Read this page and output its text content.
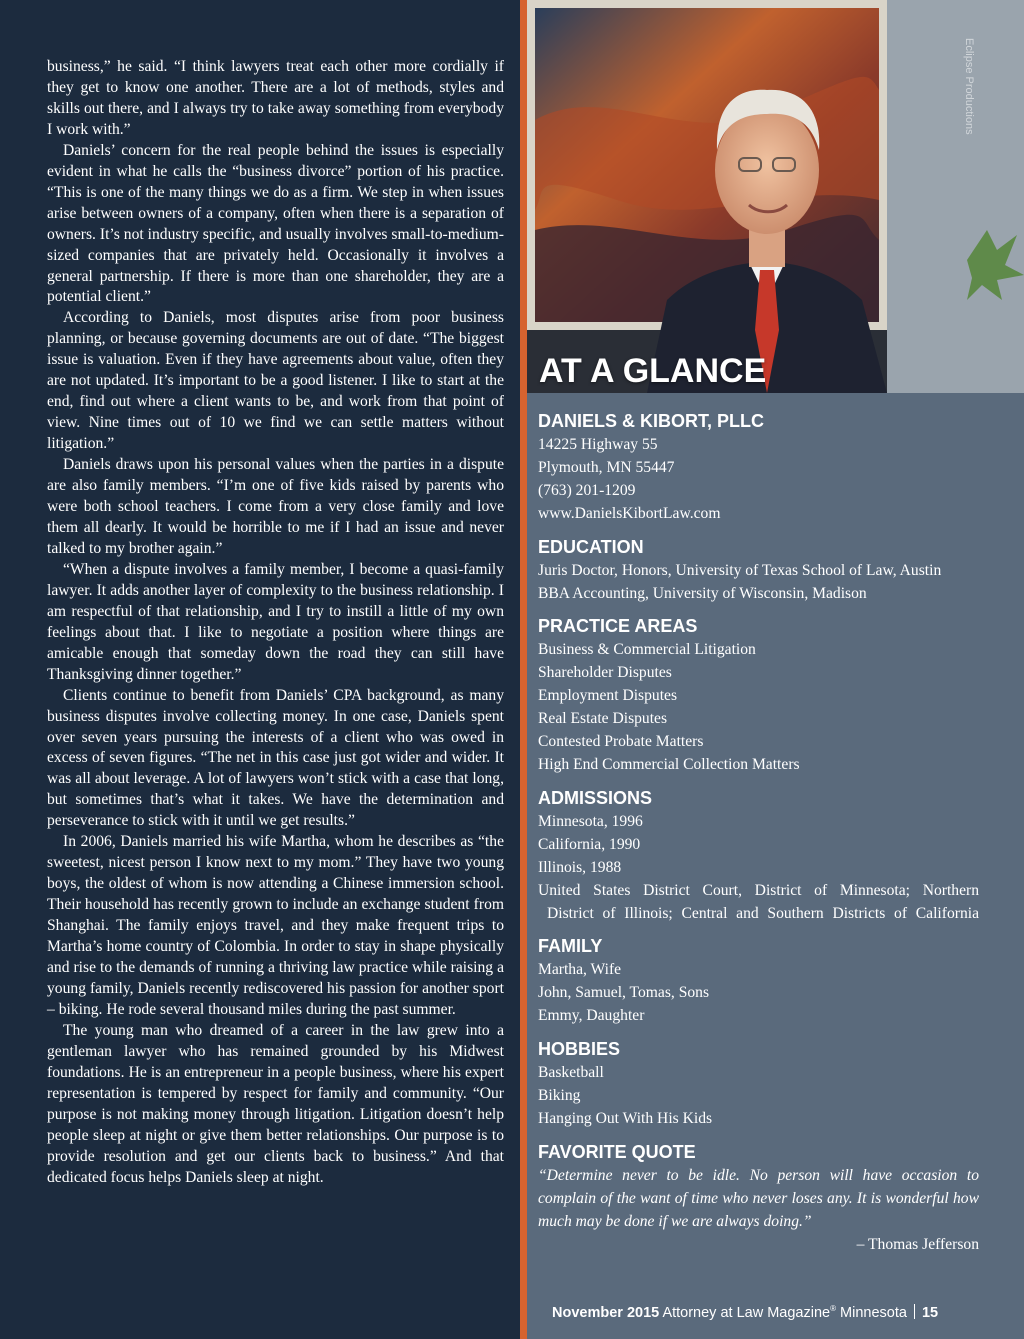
business,” he said. “I think lawyers treat each other more cordially if they get to know one another. There are a lot of methods, styles and skills out there, and I always try to take away something from everybody I work with.”

Daniels’ concern for the real people behind the issues is especially evident in what he calls the “business divorce” portion of his practice. “This is one of the many things we do as a firm. We step in when issues arise between owners of a company, often when there is a separation of owners. It’s not industry specific, and usually involves small-to-medium-sized companies that are privately held. Occasionally it involves a general partnership. If there is more than one shareholder, they are a potential client.”

According to Daniels, most disputes arise from poor business planning, or because governing documents are out of date. “The biggest issue is valuation. Even if they have agreements about value, often they are not updated. It’s important to be a good listener. I like to start at the end, find out where a client wants to be, and work from that point of view. Nine times out of 10 we find we can settle matters without litigation.”

Daniels draws upon his personal values when the parties in a dispute are also family members. “I’m one of five kids raised by parents who were both school teachers. I come from a very close family and love them all dearly. It would be horrible to me if I had an issue and never talked to my brother again.”

“When a dispute involves a family member, I become a quasi-family lawyer. It adds another layer of complexity to the business relationship. I am respectful of that relationship, and I try to instill a little of my own feelings about that. I like to negotiate a position where things are amicable enough that someday down the road they can still have Thanksgiving dinner together.”

Clients continue to benefit from Daniels’ CPA background, as many business disputes involve collecting money. In one case, Daniels spent over seven years pursuing the interests of a client who was owed in excess of seven figures. “The net in this case just got wider and wider. It was all about leverage. A lot of lawyers won’t stick with a case that long, but sometimes that’s what it takes. We have the determination and perseverance to stick with it until we get results.”

In 2006, Daniels married his wife Martha, whom he describes as “the sweetest, nicest person I know next to my mom.” They have two young boys, the oldest of whom is now attending a Chinese immersion school. Their household has recently grown to include an exchange student from Shanghai. The family enjoys travel, and they make frequent trips to Martha’s home country of Colombia. In order to stay in shape physically and rise to the demands of running a thriving law practice while raising a young family, Daniels recently rediscovered his passion for another sport – biking. He rode several thousand miles during the past summer.

The young man who dreamed of a career in the law grew into a gentleman lawyer who has remained grounded by his Midwest foundations. He is an entrepreneur in a people business, where his expert representation is tempered by respect for family and community. “Our purpose is not making money through litigation. Litigation doesn’t help people sleep at night or give them better relationships. Our purpose is to provide resolution and get our clients back to business.” And that dedicated focus helps Daniels sleep at night.

Eclipse Productions
AT A GLANCE
DANIELS & KIBORT, PLLC
14225 Highway 55
Plymouth, MN 55447
(763) 201-1209
www.DanielsKibortLaw.com
EDUCATION
Juris Doctor, Honors, University of Texas School of Law, Austin
BBA Accounting, University of Wisconsin, Madison
PRACTICE AREAS
Business & Commercial Litigation
Shareholder Disputes
Employment Disputes
Real Estate Disputes
Contested Probate Matters
High End Commercial Collection Matters
ADMISSIONS
Minnesota, 1996
California, 1990
Illinois, 1988
United States District Court, District of Minnesota; Northern
District of Illinois; Central and Southern Districts of California
FAMILY
Martha, Wife
John, Samuel, Tomas, Sons
Emmy, Daughter
HOBBIES
Basketball
Biking
Hanging Out With His Kids
FAVORITE QUOTE
“Determine never to be idle. No person will have occasion to complain of the want of time who never loses any. It is wonderful how much may be done if we are always doing.”
– Thomas Jefferson
November 2015 Attorney at Law Magazine® Minnesota 15
